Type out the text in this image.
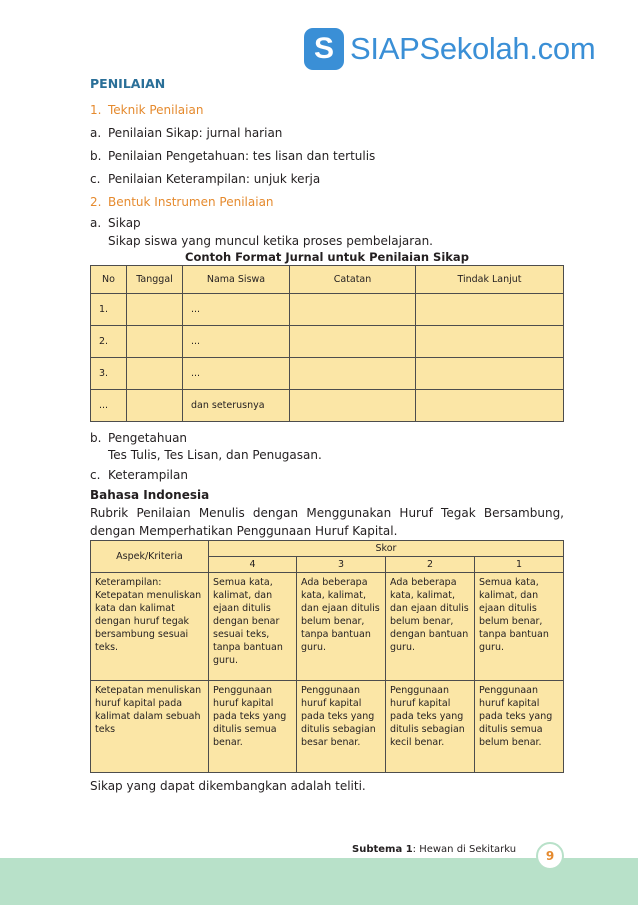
S SIAPSekolah.com
PENILAIAN
1. Teknik Penilaian
a. Penilaian Sikap: jurnal harian
b. Penilaian Pengetahuan: tes lisan dan tertulis
c. Penilaian Keterampilan: unjuk kerja
2. Bentuk Instrumen Penilaian
a. Sikap
Sikap siswa yang muncul ketika proses pembelajaran.
Contoh Format Jurnal untuk Penilaian Sikap
No	Tanggal	Nama Siswa	Catatan	Tindak Lanjut
1.		...		
2.		...		
3.		...		
...		dan seterusnya		
b. Pengetahuan
Tes Tulis, Tes Lisan, dan Penugasan.
c. Keterampilan
Bahasa Indonesia
Rubrik Penilaian Menulis dengan Menggunakan Huruf Tegak Bersambung, dengan Memperhatikan Penggunaan Huruf Kapital.
Aspek/Kriteria	Skor			
	4	3	2	1
Keterampilan: Ketepatan menuliskan kata dan kalimat dengan huruf tegak bersambung sesuai teks.	Semua kata, kalimat, dan ejaan ditulis dengan benar sesuai teks, tanpa bantuan guru.	Ada beberapa kata, kalimat, dan ejaan ditulis belum benar, tanpa bantuan guru.	Ada beberapa kata, kalimat, dan ejaan ditulis belum benar, dengan bantuan guru.	Semua kata, kalimat, dan ejaan ditulis belum benar, tanpa bantuan guru.
Ketepatan menuliskan huruf kapital pada kalimat dalam sebuah teks	Penggunaan huruf kapital pada teks yang ditulis semua benar.	Penggunaan huruf kapital pada teks yang ditulis sebagian besar benar.	Penggunaan huruf kapital pada teks yang ditulis sebagian kecil benar.	Penggunaan huruf kapital pada teks yang ditulis semua belum benar.
Sikap yang dapat dikembangkan adalah teliti.
Subtema 1: Hewan di Sekitarku	9
